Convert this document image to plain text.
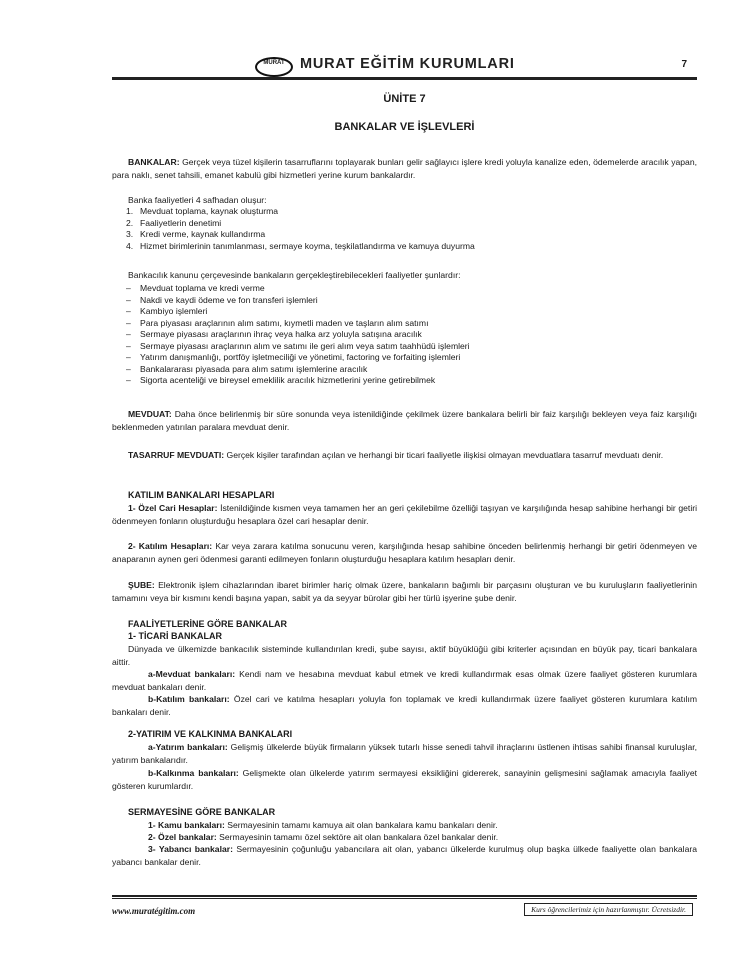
MURAT	MURAT EĞİTİM KURUMLARI	7
ÜNİTE 7
BANKALAR VE İŞLEVLERİ
BANKALAR: Gerçek veya tüzel kişilerin tasarruflarını toplayarak bunları gelir sağlayıcı işlere kredi yoluyla kanalize eden, ödemelerde aracılık yapan, para naklı, senet tahsili, emanet kabulü gibi hizmetleri yerine kurum bankalardır.
Banka faaliyetleri 4 safhadan oluşur:
1. Mevduat toplama, kaynak oluşturma
2. Faaliyetlerin denetimi
3. Kredi verme, kaynak kullandırma
4. Hizmet birimlerinin tanımlanması, sermaye koyma, teşkilatlandırma ve kamuya duyurma
Bankacılık kanunu çerçevesinde bankaların gerçekleştirebilecekleri faaliyetler şunlardır:
–	Mevduat toplama ve kredi verme
–	Nakdi ve kaydi ödeme ve fon transferi işlemleri
–	Kambiyo işlemleri
–	Para piyasası araçlarının alım satımı, kıymetli maden ve taşların alım satımı
–	Sermaye piyasası araçlarının ihraç veya halka arz yoluyla satışına aracılık
–	Sermaye piyasası araçlarının alım ve satımı ile geri alım veya satım taahhüdü işlemleri
–	Yatırım danışmanlığı, portföy işletmeciliği ve yönetimi, factoring ve forfaiting işlemleri
–	Bankalararası piyasada para alım satımı işlemlerine aracılık
–	Sigorta acenteliği ve bireysel emeklilik aracılık hizmetlerini yerine getirebilmek
MEVDUAT: Daha önce belirlenmiş bir süre sonunda veya istenildiğinde çekilmek üzere bankalara belirli bir faiz karşılığı bekleyen veya faiz karşılığı beklenmeden yatırılan paralara mevduat denir.
TASARRUF MEVDUATI: Gerçek kişiler tarafından açılan ve herhangi bir ticari faaliyetle ilişkisi olmayan mevduatlara tasarruf mevduatı denir.
KATILIM BANKALARI HESAPLARI
1- Özel Cari Hesaplar: İstenildiğinde kısmen veya tamamen her an geri çekilebilme özelliği taşıyan ve karşılığında hesap sahibine herhangi bir getiri ödenmeyen fonların oluşturduğu hesaplara özel cari hesaplar denir.
2- Katılım Hesapları: Kar veya zarara katılma sonucunu veren, karşılığında hesap sahibine önceden belirlenmiş herhangi bir getiri ödenmeyen ve anaparanın aynen geri ödenmesi garanti edilmeyen fonların oluşturduğu hesaplara katılım hesapları denir.
ŞUBE: Elektronik işlem cihazlarından ibaret birimler hariç olmak üzere, bankaların bağımlı bir parçasını oluşturan ve bu kuruluşların faaliyetlerinin tamamını veya bir kısmını kendi başına yapan, sabit ya da seyyar bürolar gibi her türlü işyerine şube denir.
FAALİYETLERİNE GÖRE BANKALAR
1- TİCARİ BANKALAR
Dünyada ve ülkemizde bankacılık sisteminde kullandırılan kredi, şube sayısı, aktif büyüklüğü gibi kriterler açısından en büyük pay, ticari bankalara aittir.
a-Mevduat bankaları: Kendi nam ve hesabına mevduat kabul etmek ve kredi kullandırmak esas olmak üzere faaliyet gösteren kurumlara mevduat bankaları denir.
b-Katılım bankaları: Özel cari ve katılma hesapları yoluyla fon toplamak ve kredi kullandırmak üzere faaliyet gösteren kurumlara katılım bankaları denir.
2-YATIRIM VE KALKINMA BANKALARI
a-Yatırım bankaları: Gelişmiş ülkelerde büyük firmaların yüksek tutarlı hisse senedi tahvil ihraçlarını üstlenen ihtisas sahibi finansal kuruluşlar, yatırım bankalarıdır.
b-Kalkınma bankaları: Gelişmekte olan ülkelerde yatırım sermayesi eksikliğini gidererek, sanayinin gelişmesini sağlamak amacıyla faaliyet gösteren kurumlardır.
SERMAYESİNE GÖRE BANKALAR
1- Kamu bankaları: Sermayesinin tamamı kamuya ait olan bankalara kamu bankaları denir.
2- Özel bankalar: Sermayesinin tamamı özel sektöre ait olan bankalara özel bankalar denir.
3- Yabancı bankalar: Sermayesinin çoğunluğu yabancılara ait olan, yabancı ülkelerde kurulmuş olup başka ülkede faaliyette olan bankalara yabancı bankalar denir.
www.muratégitim.com	Kurs öğrencilerimiz için hazırlanmıştır. Ücretsizdir.
